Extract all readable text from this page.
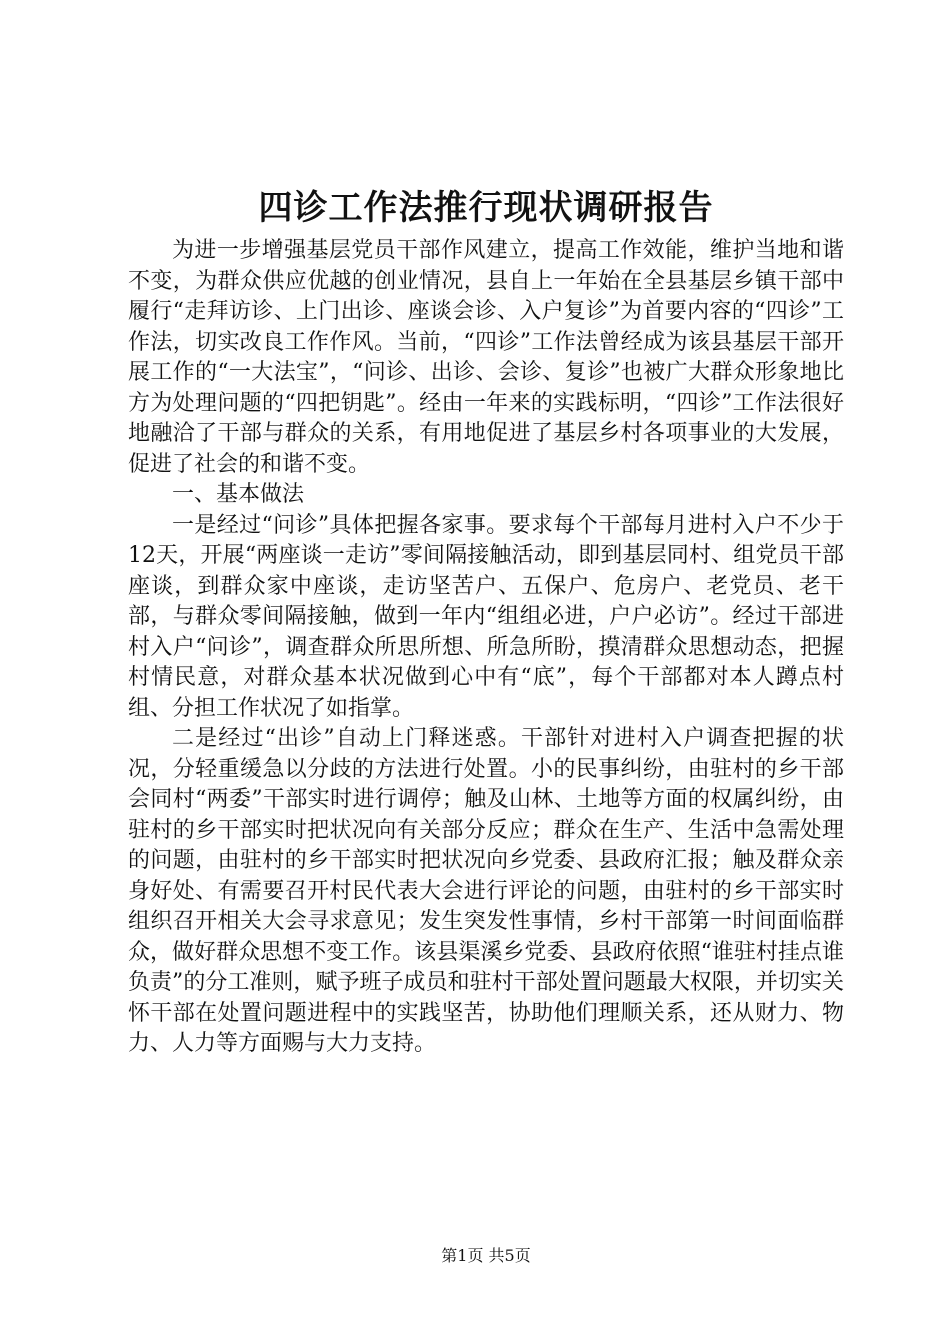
四诊工作法推行现状调研报告

为进一步增强基层党员干部作风建立，提高工作效能，维护当地和谐不变，为群众供应优越的创业情况，县自上一年始在全县基层乡镇干部中履行“走拜访诊、上门出诊、座谈会诊、入户复诊”为首要内容的“四诊”工作法，切实改良工作作风。当前，“四诊”工作法曾经成为该县基层干部开展工作的“一大法宝”，“问诊、出诊、会诊、复诊”也被广大群众形象地比方为处理问题的“四把钥匙”。经由一年来的实践标明，“四诊”工作法很好地融洽了干部与群众的关系，有用地促进了基层乡村各项事业的大发展，促进了社会的和谐不变。

一、基本做法

一是经过“问诊”具体把握各家事。要求每个干部每月进村入户不少于12天，开展“两座谈一走访”零间隔接触活动，即到基层同村、组党员干部座谈，到群众家中座谈，走访坚苦户、五保户、危房户、老党员、老干部，与群众零间隔接触，做到一年内“组组必进，户户必访”。经过干部进村入户“问诊”，调查群众所思所想、所急所盼，摸清群众思想动态，把握村情民意，对群众基本状况做到心中有“底”，每个干部都对本人蹲点村组、分担工作状况了如指掌。

二是经过“出诊”自动上门释迷惑。干部针对进村入户调查把握的状况，分轻重缓急以分歧的方法进行处置。小的民事纠纷，由驻村的乡干部会同村“两委”干部实时进行调停；触及山林、土地等方面的权属纠纷，由驻村的乡干部实时把状况向有关部分反应；群众在生产、生活中急需处理的问题，由驻村的乡干部实时把状况向乡党委、县政府汇报；触及群众亲身好处、有需要召开村民代表大会进行评论的问题，由驻村的乡干部实时组织召开相关大会寻求意见；发生突发性事情，乡村干部第一时间面临群众，做好群众思想不变工作。该县渠溪乡党委、县政府依照“谁驻村挂点谁负责”的分工准则，赋予班子成员和驻村干部处置问题最大权限，并切实关怀干部在处置问题进程中的实践坚苦，协助他们理顺关系，还从财力、物力、人力等方面赐与大力支持。

第1页 共5页
